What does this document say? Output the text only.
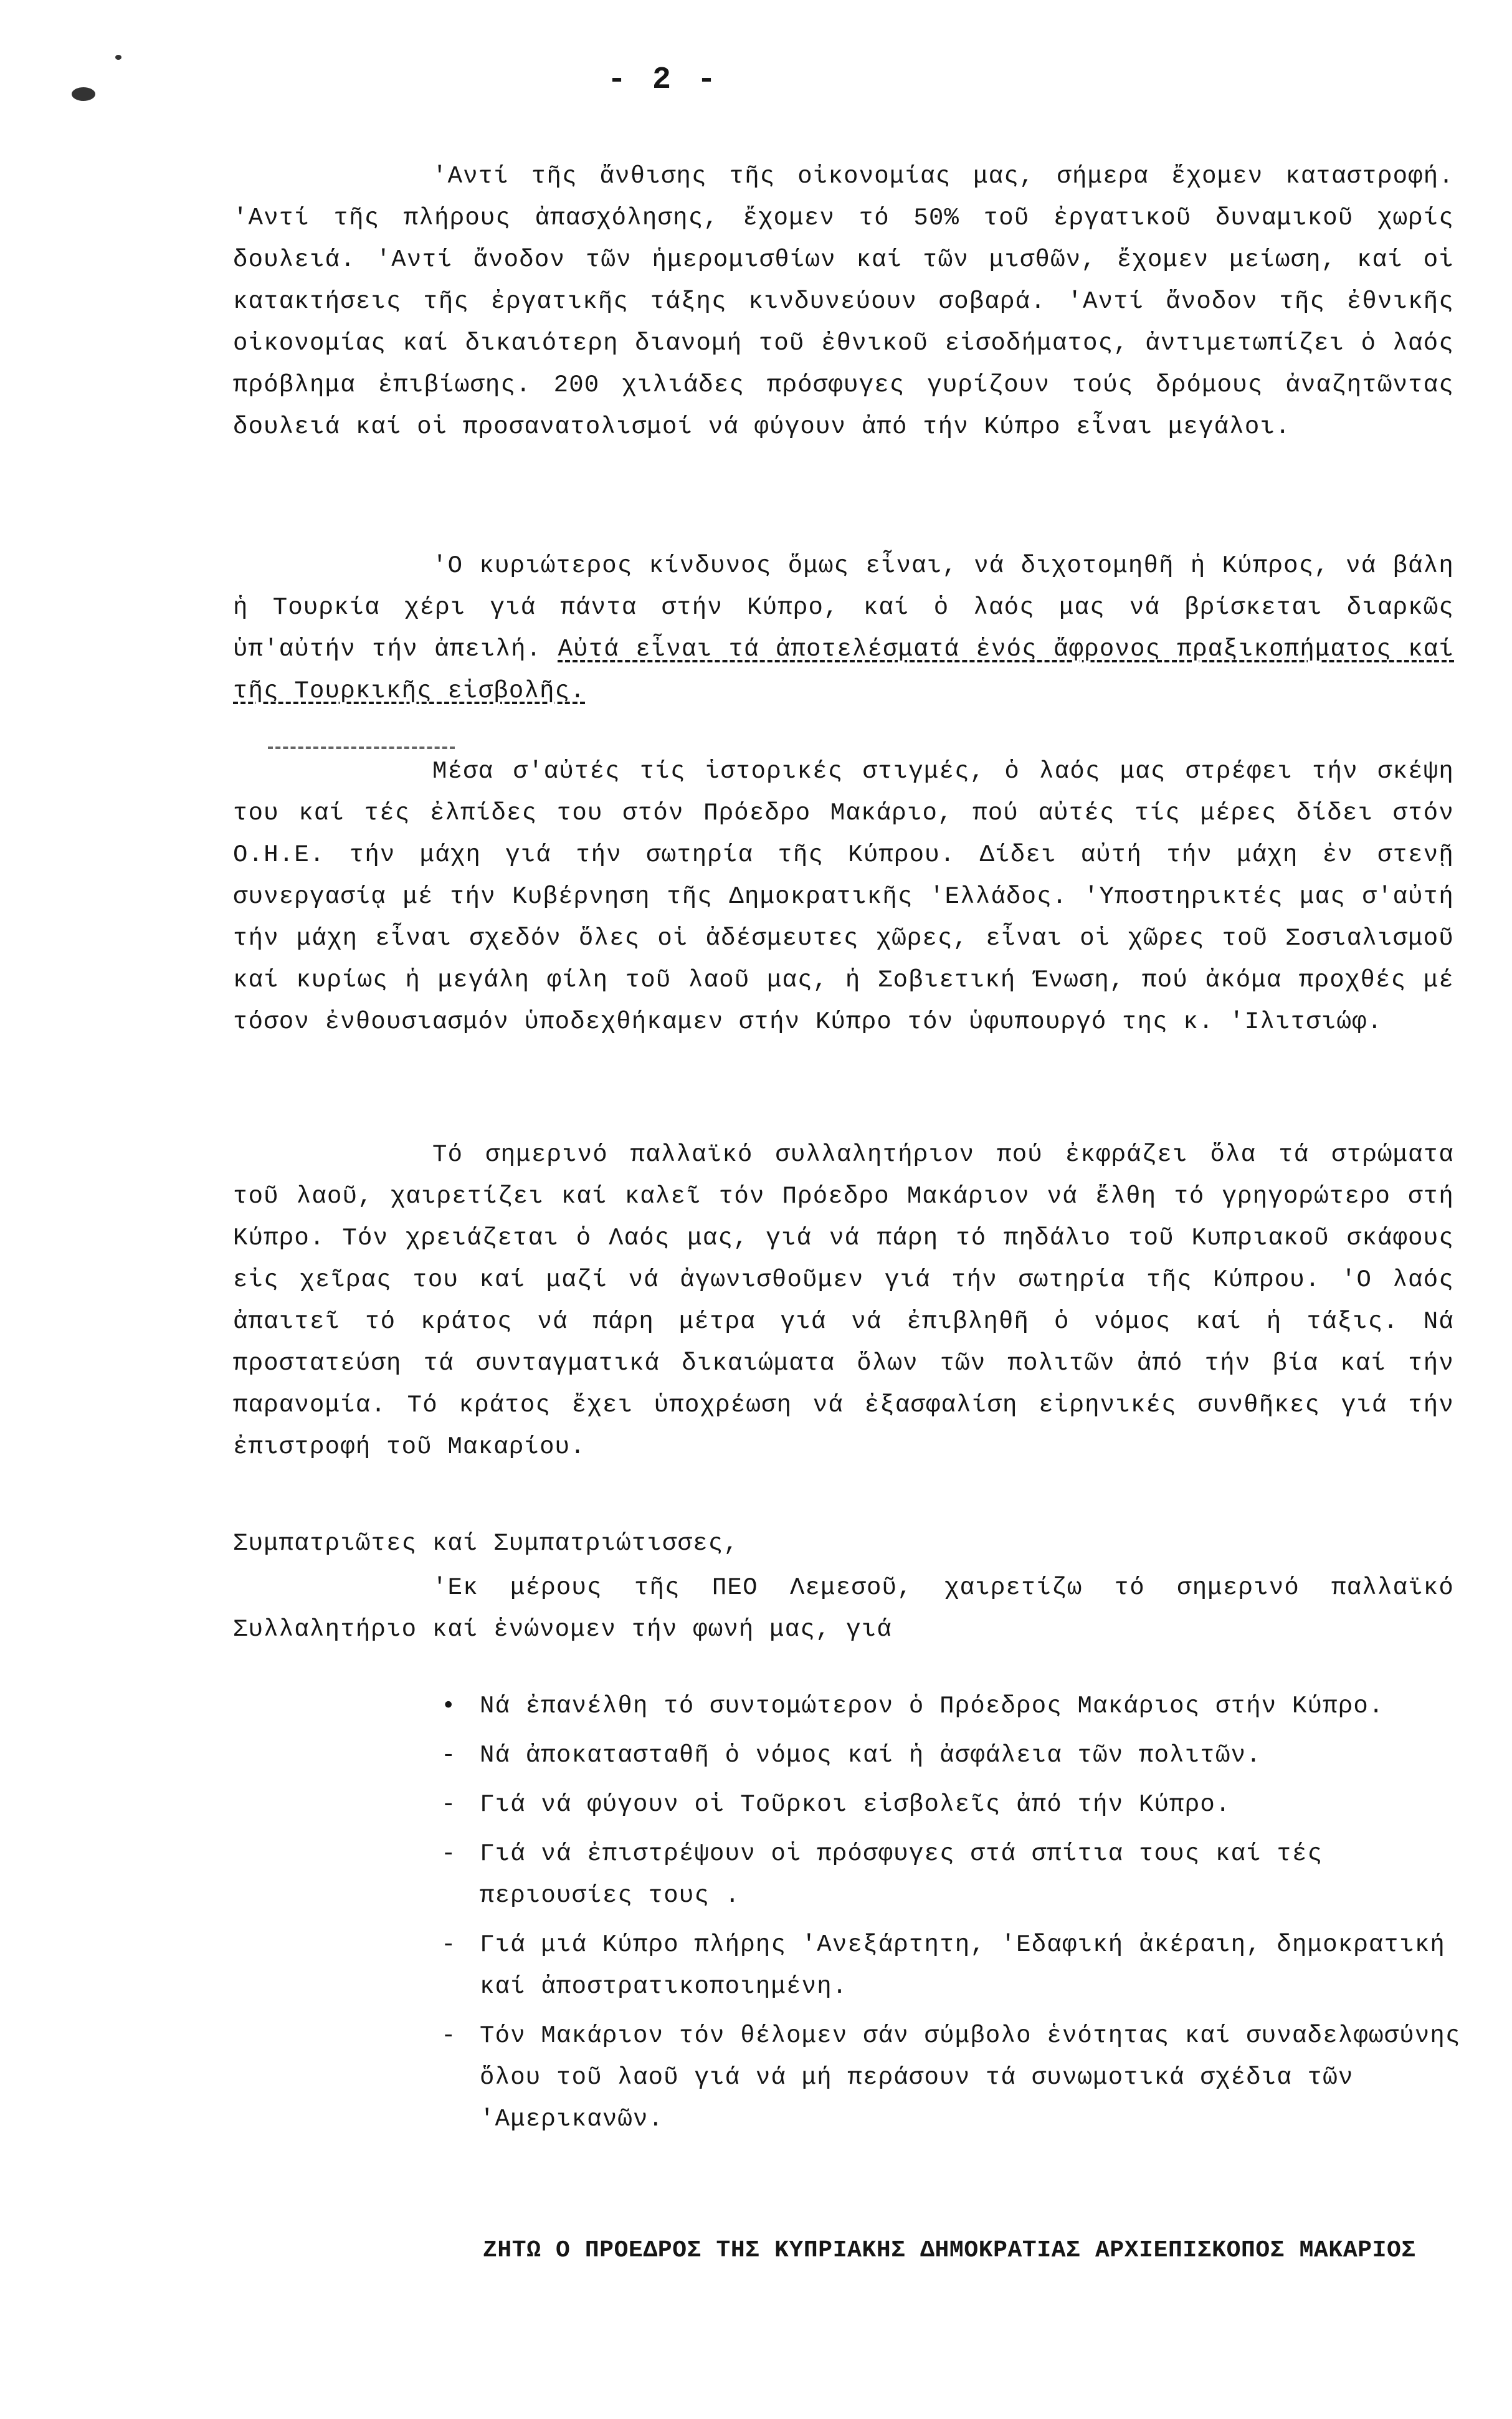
- 2 -

'Αντί τῆς ἄνθισης τῆς οἰκονομίας μας, σήμερα ἔχομεν καταστροφή. 'Αντί τῆς πλήρους ἀπασχόλησης, ἔχομεν τό 50% τοῦ ἐργατικοῦ δυναμικοῦ χωρίς δουλειά. 'Αντί ἄνοδον τῶν ἡμερομισθίων καί τῶν μισθῶν, ἔχομεν μείωση, καί οἱ κατακτήσεις τῆς ἐργατικῆς τάξης κινδυνεύουν σοβαρά. 'Αντί ἄνοδον τῆς ἐθνικῆς οἰκονομίας καί δικαιότερη διανομή τοῦ ἐθνικοῦ εἰσοδήματος, ἀντιμετωπίζει ὁ λαός πρόβλημα ἐπιβίωσης. 200 χιλιάδες πρόσφυγες γυρίζουν τούς δρόμους ἀναζητῶντας δουλειά καί οἱ προσανατολισμοί νά φύγουν ἀπό τήν Κύπρο εἶναι μεγάλοι.

'Ο κυριώτερος κίνδυνος ὅμως εἶναι, νά διχοτομηθῆ ἡ Κύπρος, νά βάλη ἡ Τουρκία χέρι γιά πάντα στήν Κύπρο, καί ὁ λαός μας νά βρίσκεται διαρκῶς ὑπ'αὐτήν τήν ἀπειλή. Αὐτά εἶναι τά ἀποτελέσματά ἑνός ἄφρονος πραξικοπήματος καί τῆς Τουρκικῆς εἰσβολῆς.

Μέσα σ'αὐτές τίς ἱστορικές στιγμές, ὁ λαός μας στρέφει τήν σκέψη του καί τές ἐλπίδες του στόν Πρόεδρο Μακάριο, πού αὐτές τίς μέρες δίδει στόν Ο.Η.Ε. τήν μάχη γιά τήν σωτηρία τῆς Κύπρου. Δίδει αὐτή τήν μάχη ἐν στενῇ συνεργασίᾳ μέ τήν Κυβέρνηση τῆς Δημοκρατικῆς 'Ελλάδος. 'Υποστηρικτές μας σ'αὐτή τήν μάχη εἶναι σχεδόν ὅλες οἱ ἀδέσμευτες χῶρες, εἶναι οἱ χῶρες τοῦ Σοσιαλισμοῦ καί κυρίως ἡ μεγάλη φίλη τοῦ λαοῦ μας, ἡ Σοβιετική Ένωση, πού ἀκόμα προχθές μέ τόσον ἐνθουσιασμόν ὑποδεχθήκαμεν στήν Κύπρο τόν ὑφυπουργό της κ. 'Ιλιτσιώφ.

Τό σημερινό παλλαϊκό συλλαλητήριον πού ἐκφράζει ὅλα τά στρώματα τοῦ λαοῦ, χαιρετίζει καί καλεῖ τόν Πρόεδρο Μακάριον νά ἔλθη τό γρηγορώτερο στή Κύπρο. Τόν χρειάζεται ὁ Λαός μας, γιά νά πάρη τό πηδάλιο τοῦ Κυπριακοῦ σκάφους εἰς χεῖρας του καί μαζί νά ἀγωνισθοῦμεν γιά τήν σωτηρία τῆς Κύπρου. 'Ο λαός ἀπαιτεῖ τό κράτος νά πάρη μέτρα γιά νά ἐπιβληθῆ ὁ νόμος καί ἡ τάξις. Νά προστατεύση τά συνταγματικά δικαιώματα ὅλων τῶν πολιτῶν ἀπό τήν βία καί τήν παρανομία. Τό κράτος ἔχει ὑποχρέωση νά ἐξασφαλίση εἰρηνικές συνθῆκες γιά τήν ἐπιστροφή τοῦ Μακαρίου.

Συμπατριῶτες καί Συμπατριώτισσες,

'Εκ μέρους τῆς ΠΕΟ Λεμεσοῦ, χαιρετίζω τό σημερινό παλλαϊκό Συλλαλητήριο καί ἑνώνομεν τήν φωνή μας, γιά

• Νά ἐπανέλθη τό συντομώτερον ὁ Πρόεδρος Μακάριος στήν Κύπρο.
- Νά ἀποκατασταθῆ ὁ νόμος καί ἡ ἀσφάλεια τῶν πολιτῶν.
- Γιά νά φύγουν οἱ Τοῦρκοι εἰσβολεῖς ἀπό τήν Κύπρο.
- Γιά νά ἐπιστρέψουν οἱ πρόσφυγες στά σπίτια τους καί τές περιουσίες τους .
- Γιά μιά Κύπρο πλήρης 'Ανεξάρτητη, 'Εδαφική ἀκέραιη, δημοκρατική καί ἀποστρατικοποιημένη.
- Τόν Μακάριον τόν θέλομεν σάν σύμβολο ἑνότητας καί συναδελφωσύνης ὅλου τοῦ λαοῦ γιά νά μή περάσουν τά συνωμοτικά σχέδια τῶν 'Αμερικανῶν.
ΖΗΤΩ Ο ΠΡΟΕΔΡΟΣ ΤΗΣ ΚΥΠΡΙΑΚΗΣ ΔΗΜΟΚΡΑΤΙΑΣ ΑΡΧΙΕΠΙΣΚΟΠΟΣ ΜΑΚΑΡΙΟΣ
